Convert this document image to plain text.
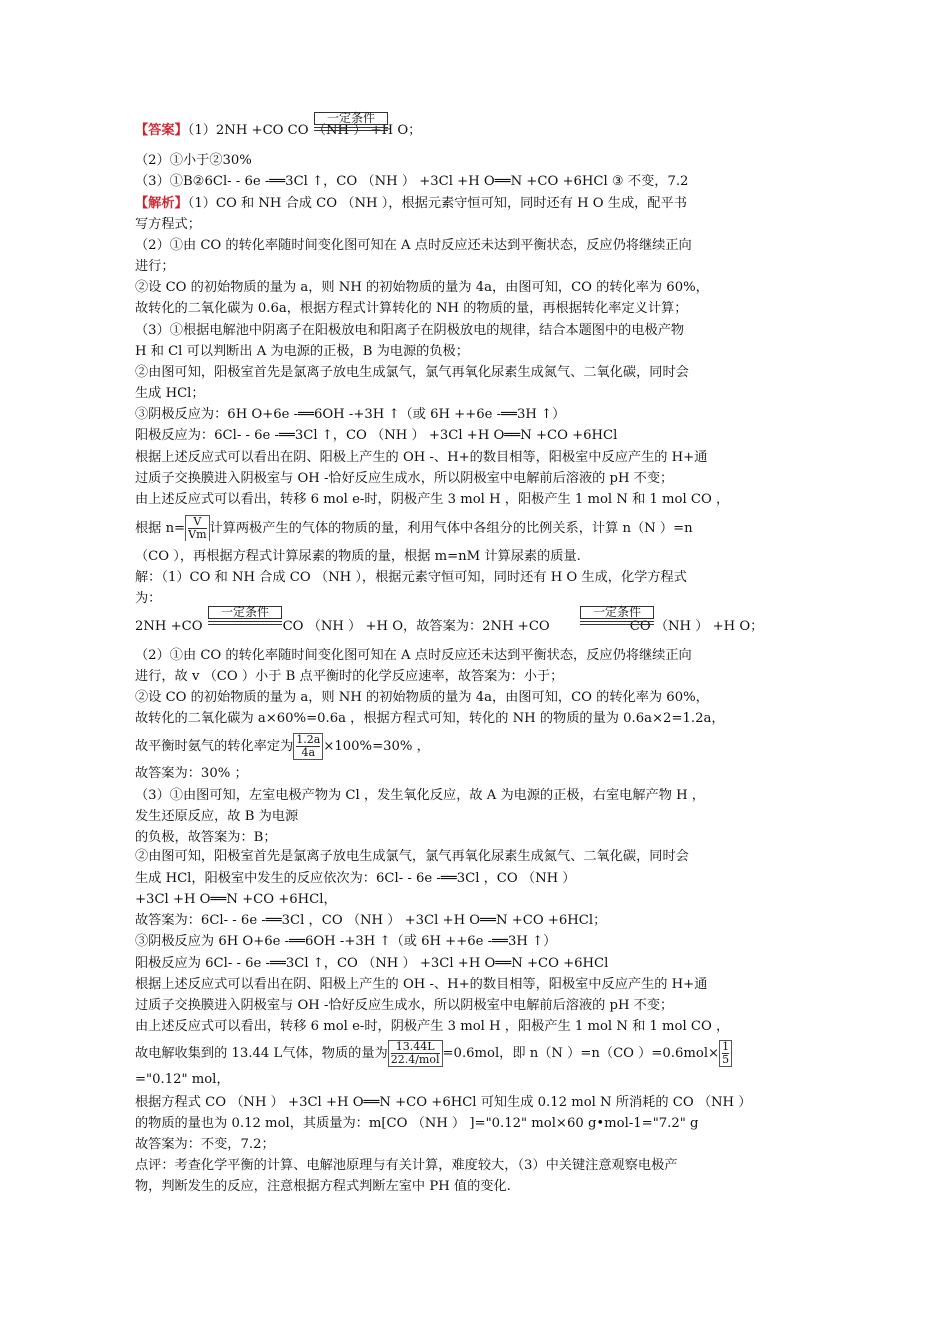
【答案】（1）2NH +CO CO （NH ） +H O；
一定条件
（2）①小于②30%
（3）①B②6Cl- - 6e -══3Cl ↑，CO （NH ） +3Cl +H O══N +CO +6HCl ③ 不变，7.2
【解析】（1）CO 和 NH 合成 CO （NH ），根据元素守恒可知，同时还有 H O 生成，配平书
写方程式；
（2）①由 CO 的转化率随时间变化图可知在 A 点时反应还未达到平衡状态，反应仍将继续正向
进行；
②设 CO 的初始物质的量为 a，则 NH 的初始物质的量为 4a，由图可知，CO 的转化率为 60%，
故转化的二氧化碳为 0.6a，根据方程式计算转化的 NH 的物质的量，再根据转化率定义计算；
（3）①根据电解池中阴离子在阳极放电和阳离子在阴极放电的规律，结合本题图中的电极产物
H 和 Cl 可以判断出 A 为电源的正极，B 为电源的负极；
②由图可知，阳极室首先是氯离子放电生成氯气，氯气再氧化尿素生成氮气、二氧化碳，同时会
生成 HCl；
③阴极反应为：6H O+6e -══6OH -+3H ↑（或 6H ++6e -══3H ↑）
阳极反应为：6Cl- - 6e -══3Cl ↑，CO （NH ） +3Cl +H O══N +CO +6HCl
根据上述反应式可以看出在阴、阳极上产生的 OH -、H+的数目相等，阳极室中反应产生的 H+通
过质子交换膜进入阴极室与 OH -恰好反应生成水，所以阴极室中电解前后溶液的 pH 不变；
由上述反应式可以看出，转移 6 mol e-时，阴极产生 3 mol H ，阳极产生 1 mol N 和 1 mol CO ，
根据 $n= \frac{V}{Vm}$ 计算两极产生的气体的物质的量，利用气体中各组分的比例关系，计算 n（N ）=n
（CO ），再根据方程式计算尿素的物质的量，根据 m=nM 计算尿素的质量.
解：（1）CO 和 NH 合成 CO （NH ），根据元素守恒可知，同时还有 H O 生成，化学方程式
为：
2NH +CO	CO （NH ） +H O，故答案为：2NH +CO	CO （NH ） +H O；
一定条件	一定条件
（2）①由 CO 的转化率随时间变化图可知在 A 点时反应还未达到平衡状态，反应仍将继续正向
进行，故 v （CO ）小于 B 点平衡时的化学反应速率，故答案为：小于；
②设 CO 的初始物质的量为 a，则 NH 的初始物质的量为 4a，由图可知，CO 的转化率为 60%，
故转化的二氧化碳为 a×60%=0.6a ，根据方程式可知，转化的 NH 的物质的量为 0.6a×2=1.2a，
故平衡时氨气的转化率定为 $\frac{1.2a}{4a} \times 100\%=30\%$ ，
故答案为：30% ；
（3）①由图可知，左室电极产物为 Cl ，发生氧化反应，故 A 为电源的正极，右室电解产物 H ，
发生还原反应，故 B 为电源
的负极，故答案为：B；
②由图可知，阳极室首先是氯离子放电生成氯气，氯气再氧化尿素生成氮气、二氧化碳，同时会
生成 HCl，阳极室中发生的反应依次为：6Cl- - 6e -══3Cl ，CO （NH ）
+3Cl +H O══N +CO +6HCl，
故答案为：6Cl- - 6e -══3Cl ，CO （NH ） +3Cl +H O══N +CO +6HCl；
③阴极反应为 6H O+6e -══6OH -+3H ↑（或 6H ++6e -══3H ↑）
阳极反应为 6Cl- - 6e -══3Cl ↑，CO （NH ） +3Cl +H O══N +CO +6HCl
根据上述反应式可以看出在阴、阳极上产生的 OH -、H+的数目相等，阳极室中反应产生的 H+通
过质子交换膜进入阴极室与 OH -恰好反应生成水，所以阴极室中电解前后溶液的 pH 不变；
由上述反应式可以看出，转移 6 mol e-时，阴极产生 3 mol H ，阳极产生 1 mol N 和 1 mol CO ，
故电解收集到的 13.44 L气体，物质的量为 $\frac{13.44L}{\text{22.4/mol}} =0.6mol$，即 n（N ）=n（CO ）$=0.6mol\times \frac{1}{5}$
="0.12" mol，
根据方程式 CO （NH ） +3Cl +H O══N +CO +6HCl 可知生成 0.12 mol N 所消耗的 CO （NH ）
的物质的量也为 0.12 mol，其质量为：m[CO （NH ） ]="0.12" mol×60 g•mol-1="7.2" g
故答案为：不变，7.2；
点评：考查化学平衡的计算、电解池原理与有关计算，难度较大，（3）中关键注意观察电极产
物，判断发生的反应，注意根据方程式判断左室中 PH 值的变化.
